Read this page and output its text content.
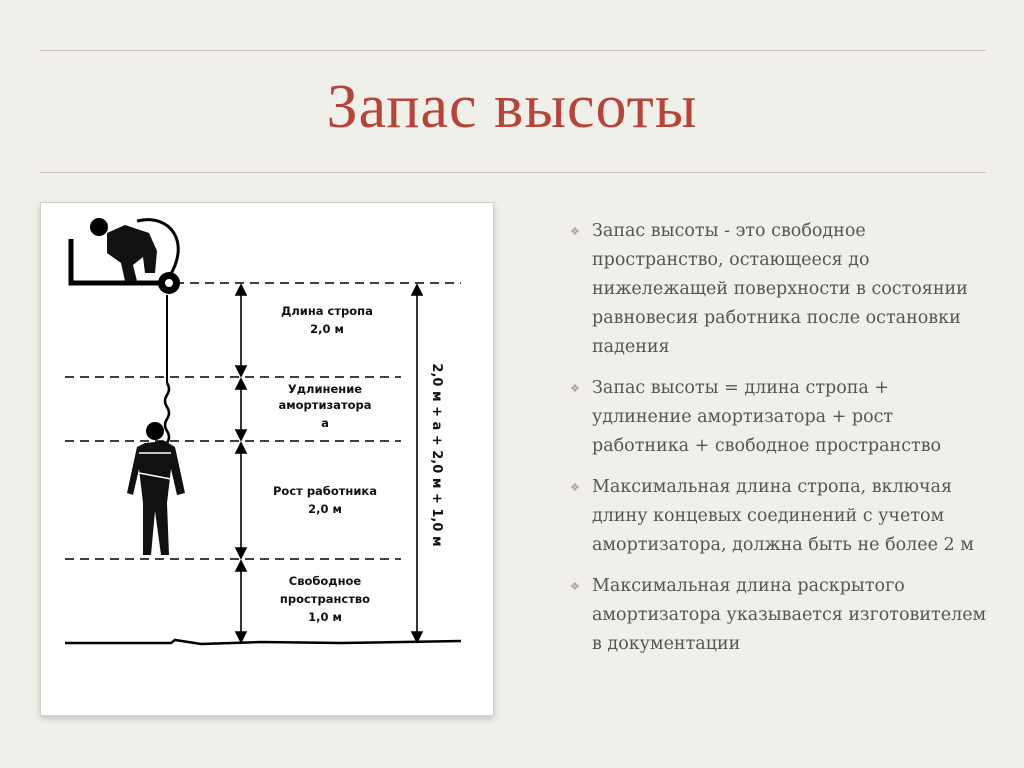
Запас высоты
Длина стропа
2,0 м
Удлинение
амортизатора
a
Рост работника
2,0 м
Свободное
пространство
1,0 м
2,0 м + a + 2,0 м + 1,0 м
❖ Запас высоты - это свободное пространство, остающееся до нижележащей поверхности в состоянии равновесия работника после остановки падения
❖ Запас высоты = длина стропа + удлинение амортизатора + рост работника + свободное пространство
❖ Максимальная длина стропа, включая длину концевых соединений с учетом амортизатора, должна быть не более 2 м
❖ Максимальная длина раскрытого амортизатора указывается изготовителем в документации
